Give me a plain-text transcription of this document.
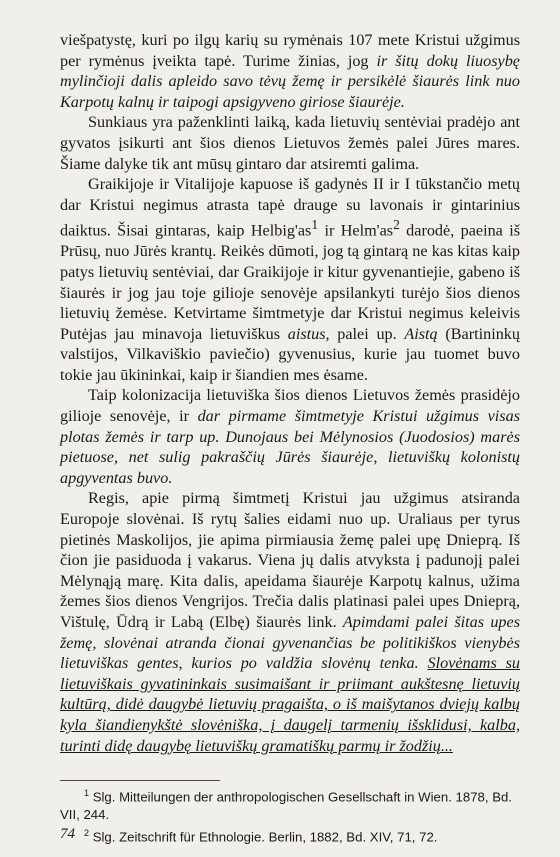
viešpatystę, kuri po ilgų karių su rymėnais 107 mete Kristui užgimus per rymėnus įveikta tapė. Turime žinias, jog ir šitų dokų liuosybę mylinčioji dalis apleido savo tėvų žemę ir persikėlė šiaurės link nuo Karpotų kalnų ir taipogi apsigyveno giriose šiaurėje.

Sunkiaus yra paženklinti laiką, kada lietuvių sentėviai pradėjo ant gyvatos įsikurti ant šios dienos Lietuvos žemės palei Jūres mares. Šiame dalyke tik ant mūsų gintaro dar atsiremti galima.

Graikijoje ir Vitalijoje kapuose iš gadynės II ir I tūkstančio metų dar Kristui negimus atrasta tapė drauge su lavonais ir gintarinius daiktus. Šisai gintaras, kaip $Helbig'as^1$ ir $Helm'as^2$ darodė, paeina iš Prūsų, nuo Jūrės krantų. Reikės dūmoti, jog tą gintarą ne kas kitas kaip patys lietuvių sentėviai, dar Graikijoje ir kitur gyvenantiejie, gabeno iš šiaurės ir jog jau toje gilioje senovėje apsilankyti turėjo šios dienos lietuvių žemėse. Ketvirtame šimtmetyje dar Kristui negimus keleivis Putėjas jau minavoja lietuviškus aistus, palei up. Aistą (Bartininkų valstijos, Vilkaviškio paviečio) gyvenusius, kurie jau tuomet buvo tokie jau ūkininkai, kaip ir šiandien mes ėsame.

Taip kolonizacija lietuviška šios dienos Lietuvos žemės prasidėjo gilioje senovėje, ir dar pirmame šimtmetyje Kristui užgimus visas plotas žemės ir tarp up. Dunojaus bei Mėlynosios (Juodosios) marės pietuose, net sulig pakraščių Jūrės šiaurėje, lietuviškų kolonistų apgyventas buvo.

Regis, apie pirmą šimtmetį Kristui jau užgimus atsiranda Europoje slovėnai. Iš rytų šalies eidami nuo up. Uraliaus per tyrus pietinės Maskolijos, jie apima pirmiausia žemę palei upę Dnieprą. Iš čion jie pasiduoda į vakarus. Viena jų dalis atvyksta į padunojį palei Mėlynąją marę. Kita dalis, apeidama šiaurėje Karpotų kalnus, užima žemes šios dienos Vengrijos. Trečia dalis platinasi palei upes Dnieprą, Vištulę, Ūdrą ir Labą (Elbę) šiaurės link. Apimdami palei šitas upes žemę, slovėnai atranda čionai gyvenančias be politikiškos vienybės lietuviškas gentes, kurios po valdžia slovėnų tenka. Slovėnams su lietuviškais gyvatininkais susimaišant ir priimant aukštesnę lietuvių kultūrą, didė daugybė lietuvių pragaišta, o iš maišytanos dviejų kalbų kyla šiandienykštė slovėniška, į daugelį tarmenių išsklidusi, kalba, turinti didę daugybę lietuviškų gramatiškų parmų ir žodžių...

$^1$ Slg. Mitteilungen der anthropologischen Gesellschaft in Wien. 1878, Bd. VII, 244.

$^2$ Slg. Zeitschrift für Ethnologie. Berlin, 1882, Bd. XIV, 71, 72.

74
